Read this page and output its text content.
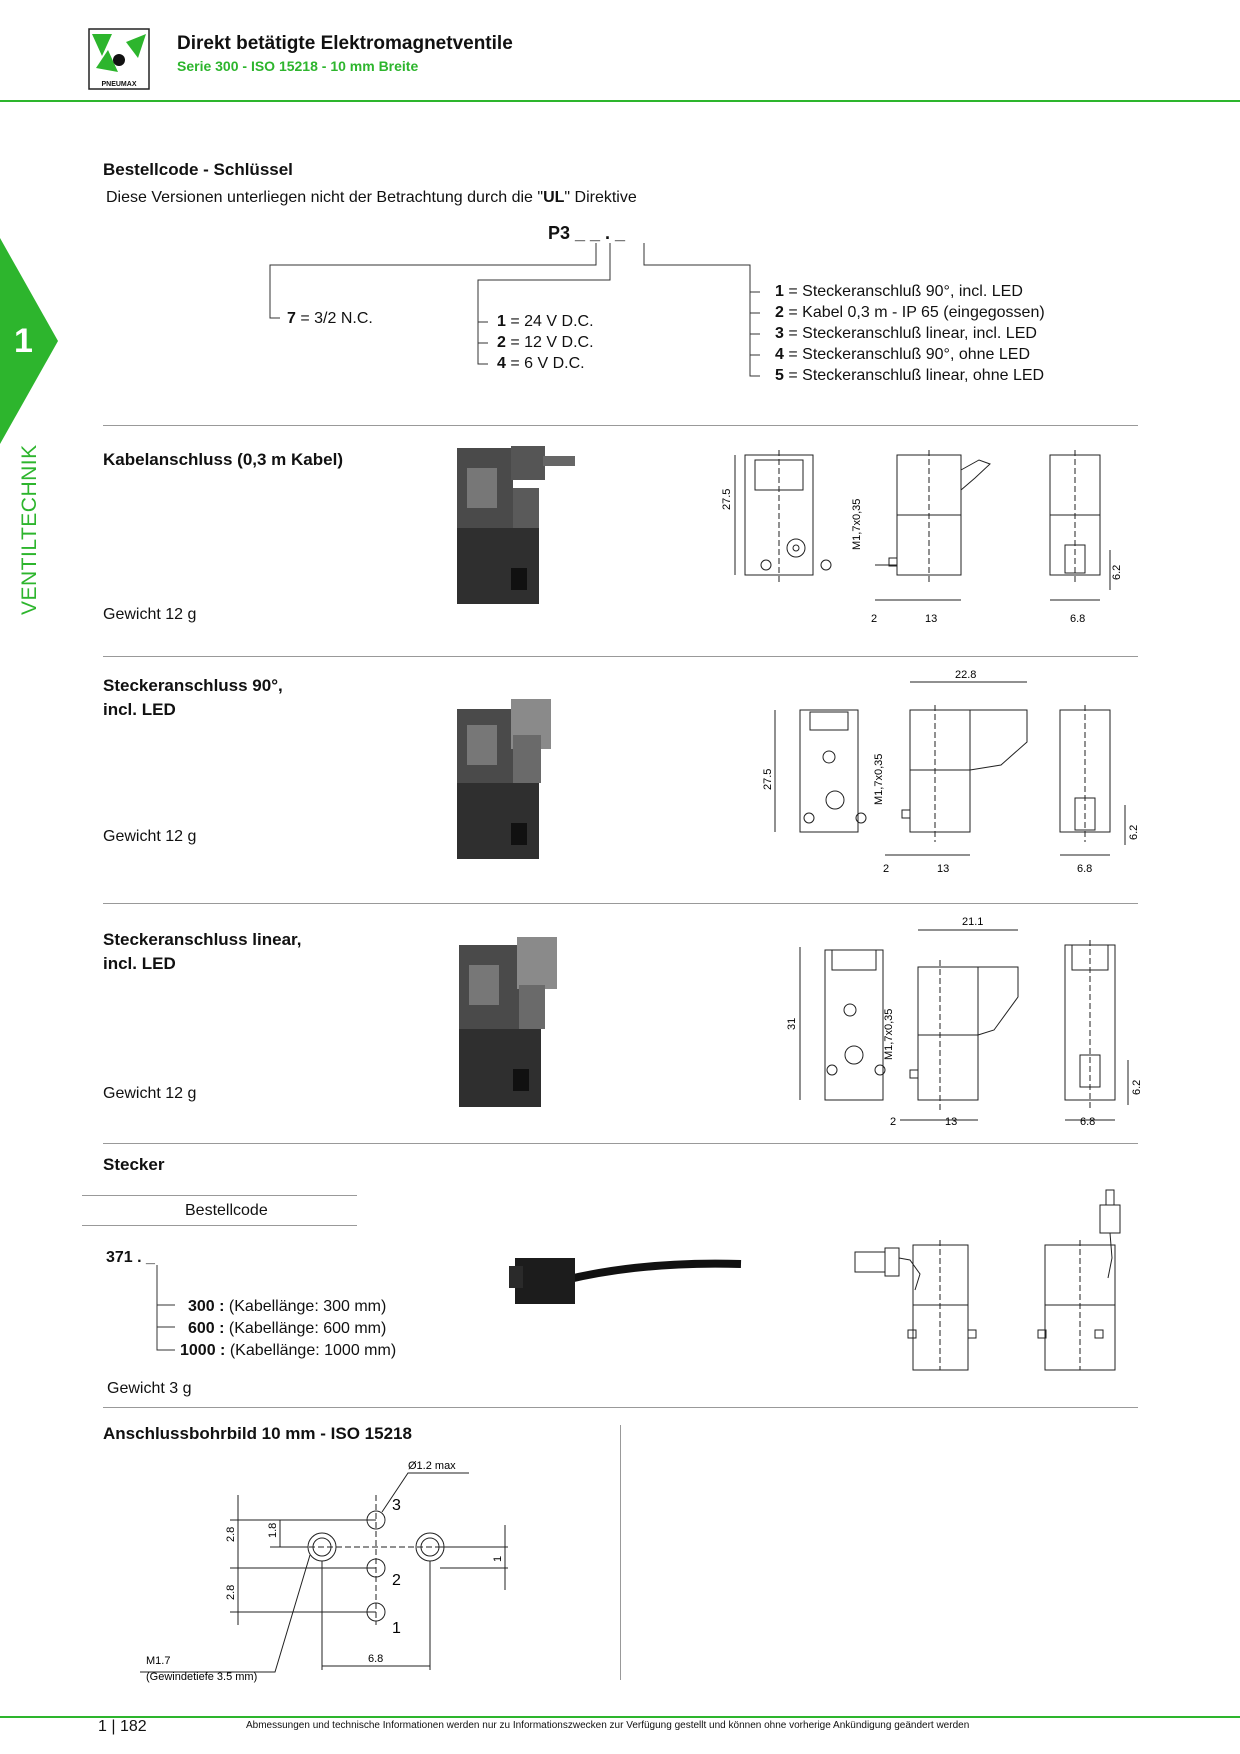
PNEUMAX
Direkt betätigte Elektromagnetventile
Serie 300 - ISO 15218 - 10 mm Breite
1
VENTILTECHNIK
Bestellcode - Schlüssel
Diese Versionen unterliegen nicht der Betrachtung durch die "UL" Direktive
P3 _ _ . _
7 = 3/2 N.C.	1 = 24 V D.C.
2 = 12 V D.C.
4 = 6 V D.C.
1 = Steckeranschluß 90°, incl. LED
2 = Kabel 0,3 m - IP 65 (eingegossen)
3 = Steckeranschluß linear, incl. LED
4 = Steckeranschluß 90°, ohne LED
5 = Steckeranschluß linear, ohne LED
Kabelanschluss (0,3 m Kabel)
Gewicht 12 g
27.5	M1,7x0,35
2	13	6.8
6.2
Steckeranschluss 90°,
incl. LED
Gewicht 12 g
22.8
27.5	M1,7x0,35
2	13	6.8
6.2
Steckeranschluss linear,
incl. LED
Gewicht 12 g
21.1
31	M1,7x0,35
2	13	6.8
6.2
Stecker
Bestellcode
371 . _
300 : (Kabellänge: 300 mm)
600 : (Kabellänge: 600 mm)
1000 : (Kabellänge: 1000 mm)
Gewicht 3 g
Anschlussbohrbild 10 mm - ISO 15218
Ø1.2 max
3
2
1
2.8	1.8
2.8
1
6.8
M1.7
(Gewindetiefe 3.5 mm)
1 | 182	Abmessungen und technische Informationen werden nur zu Informationszwecken zur Verfügung gestellt und können ohne vorherige Ankündigung geändert werden
